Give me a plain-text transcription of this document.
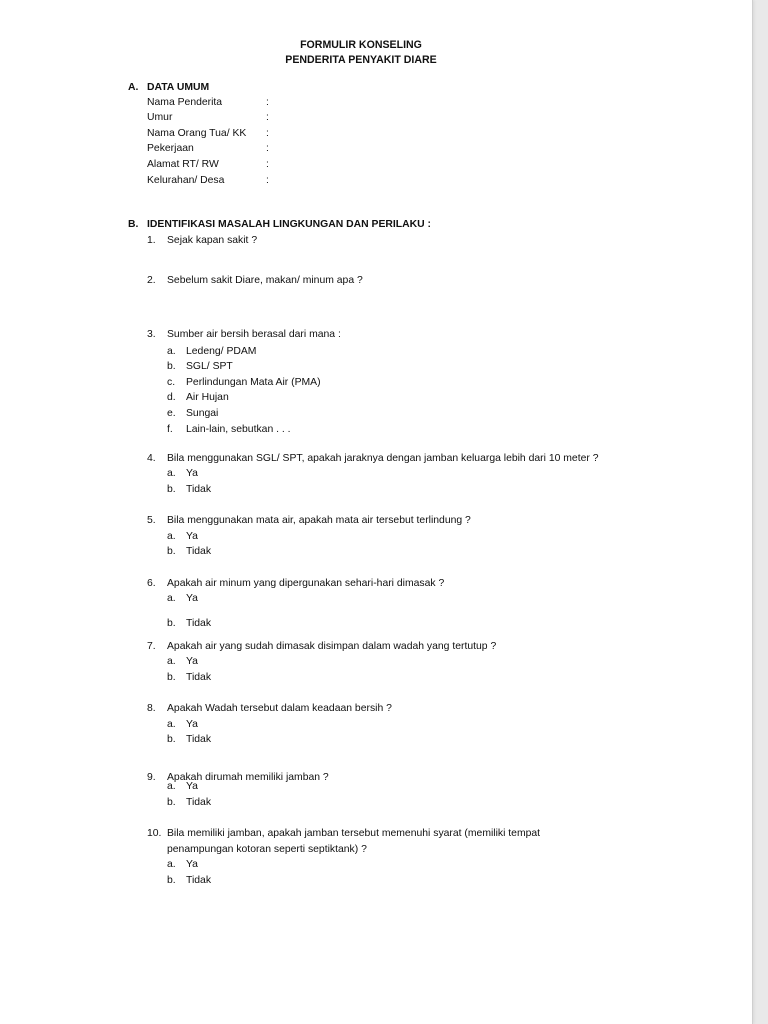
FORMULIR KONSELING
PENDERITA PENYAKIT DIARE
A. DATA UMUM
Nama Penderita	:
Umur	:
Nama Orang Tua/ KK :
Pekerjaan	:
Alamat RT/ RW	:
Kelurahan/ Desa	:
B. IDENTIFIKASI MASALAH LINGKUNGAN DAN PERILAKU :
1. Sejak kapan sakit ?
2. Sebelum sakit Diare, makan/ minum apa ?
3. Sumber air bersih berasal dari mana :
a. Ledeng/ PDAM
b. SGL/ SPT
c. Perlindungan Mata Air (PMA)
d. Air Hujan
e. Sungai
f. Lain-lain, sebutkan . . .
4. Bila menggunakan SGL/ SPT, apakah jaraknya dengan jamban keluarga lebih dari 10 meter ?
a. Ya
b. Tidak
5. Bila menggunakan mata air, apakah mata air tersebut terlindung ?
a. Ya
b. Tidak
6. Apakah air minum yang dipergunakan sehari-hari dimasak ?
a. Ya
b. Tidak
7. Apakah air yang sudah dimasak disimpan dalam wadah yang tertutup ?
a. Ya
b. Tidak
8. Apakah Wadah tersebut dalam keadaan bersih ?
a. Ya
b. Tidak
9. Apakah dirumah memiliki jamban ?
a. Ya
b. Tidak
10. Bila memiliki jamban, apakah jamban tersebut memenuhi syarat (memiliki tempat
penampungan kotoran seperti septiktank) ?
a. Ya
b. Tidak
